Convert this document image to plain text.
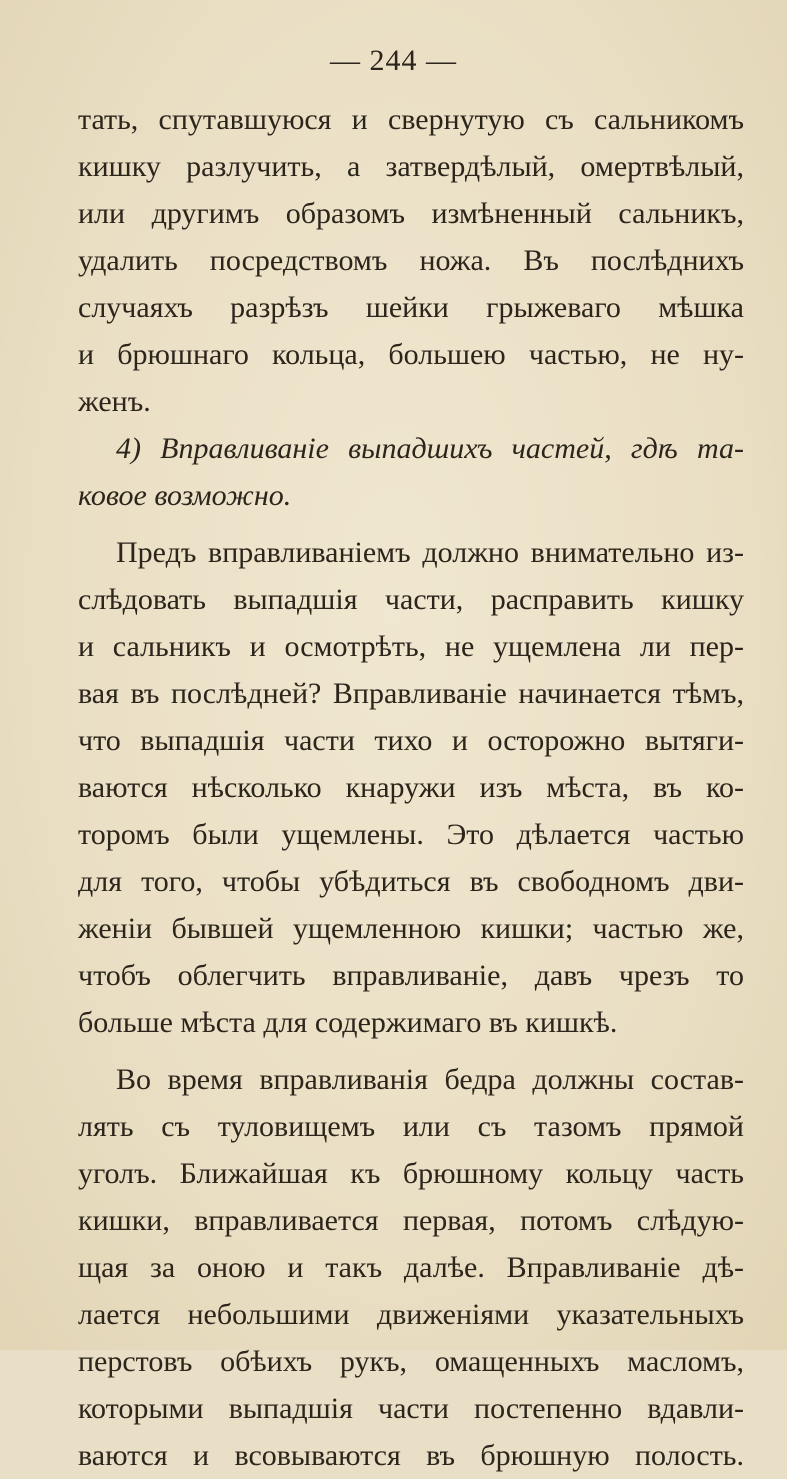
— 244 —
тать, спутавшуюся и свернутую съ сальникомъ
кишку разлучить, а затвердѣлый, омертвѣлый,
или другимъ образомъ измѣненный сальникъ,
удалить посредствомъ ножа. Въ послѣднихъ
случаяхъ разрѣзъ шейки грыжеваго мѣшка
и брюшнаго кольца, большею частью, не ну-
женъ.
4) Вправливаніе выпадшихъ частей, гдѣ та-
ковое возможно.
Предъ вправливаніемъ должно внимательно из-
слѣдовать выпадшія части, расправить кишку
и сальникъ и осмотрѣть, не ущемлена ли пер-
вая въ послѣдней? Вправливаніе начинается тѣмъ,
что выпадшія части тихо и осторожно вытяги-
ваются нѣсколько кнаружи изъ мѣста, въ ко-
торомъ были ущемлены. Это дѣлается частью
для того, чтобы убѣдиться въ свободномъ дви-
женіи бывшей ущемленною кишки; частью же,
чтобъ облегчить вправливаніе, давъ чрезъ то
больше мѣста для содержимаго въ кишкѣ.
Во время вправливанія бедра должны состав-
лять съ туловищемъ или съ тазомъ прямой
уголъ. Ближайшая къ брюшному кольцу часть
кишки, вправливается первая, потомъ слѣдую-
щая за оною и такъ далѣе. Вправливаніе дѣ-
лается небольшими движеніями указательныхъ
перстовъ обѣихъ рукъ, омащенныхъ масломъ,
которыми выпадшія части постепенно вдавли-
ваются и всовываются въ брюшную полость.
